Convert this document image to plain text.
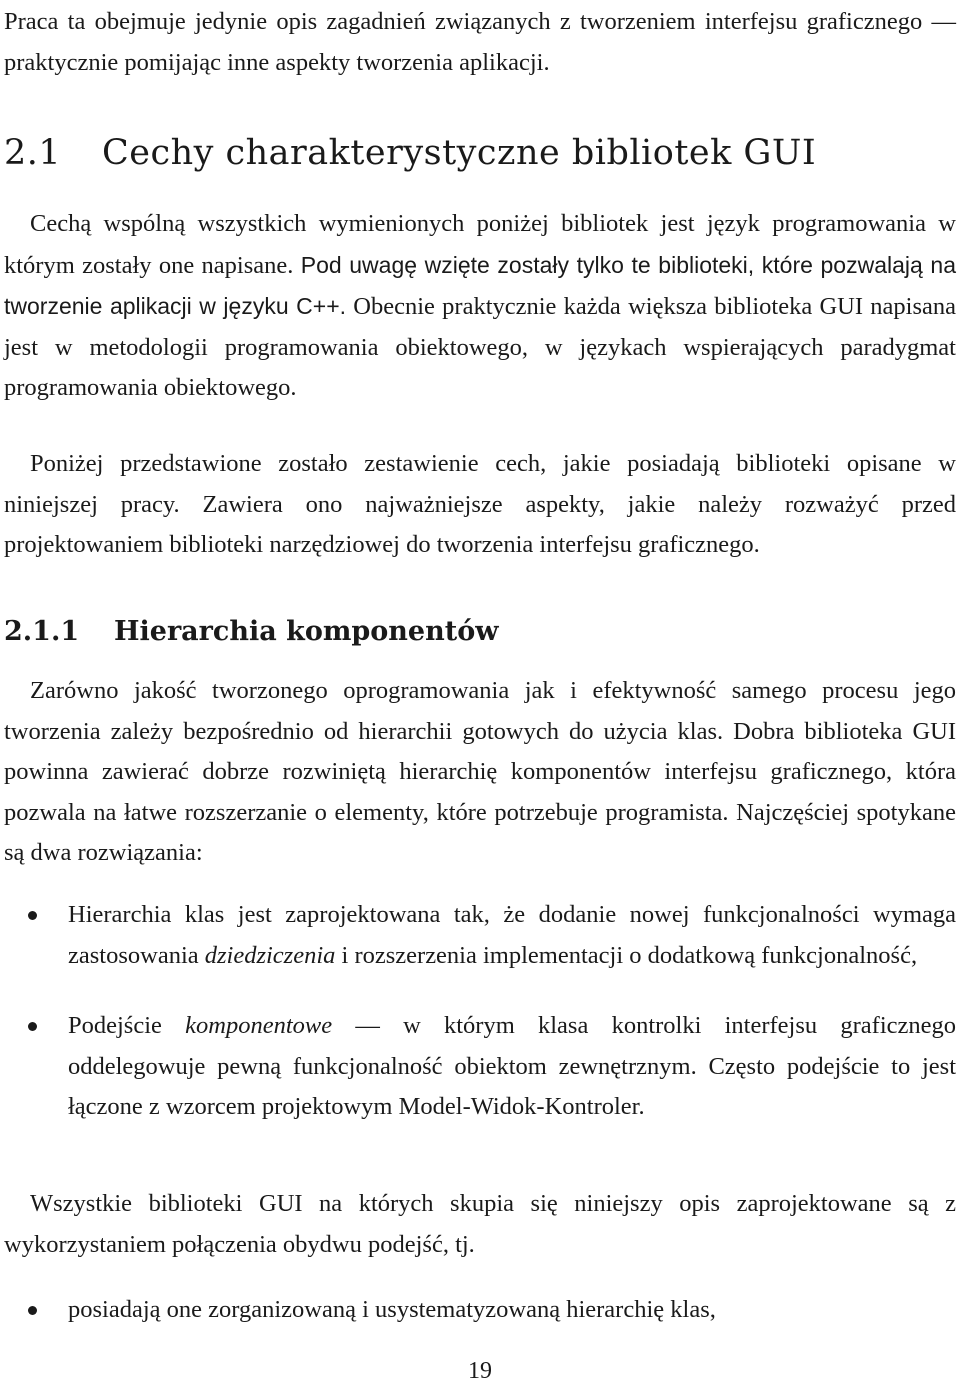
Praca ta obejmuje jedynie opis zagadnień związanych z tworzeniem interfejsu graficznego — praktycznie pomijając inne aspekty tworzenia aplikacji.

2.1 Cechy charakterystyczne bibliotek GUI

Cechą wspólną wszystkich wymienionych poniżej bibliotek jest język programowania w którym zostały one napisane. Pod uwagę wzięte zostały tylko te biblioteki, które pozwalają na tworzenie aplikacji w języku C++. Obecnie praktycznie każda większa biblioteka GUI napisana jest w metodologii programowania obiektowego, w językach wspierających paradygmat programowania obiektowego.

Poniżej przedstawione zostało zestawienie cech, jakie posiadają biblioteki opisane w niniejszej pracy. Zawiera ono najważniejsze aspekty, jakie należy rozważyć przed projektowaniem biblioteki narzędziowej do tworzenia interfejsu graficznego.

2.1.1 Hierarchia komponentów

Zarówno jakość tworzonego oprogramowania jak i efektywność samego procesu jego tworzenia zależy bezpośrednio od hierarchii gotowych do użycia klas. Dobra biblioteka GUI powinna zawierać dobrze rozwiniętą hierarchię komponentów interfejsu graficznego, która pozwala na łatwe rozszerzanie o elementy, które potrzebuje programista. Najczęściej spotykane są dwa rozwiązania:

Hierarchia klas jest zaprojektowana tak, że dodanie nowej funkcjonalności wymaga zastosowania dziedziczenia i rozszerzenia implementacji o dodatkową funkcjonalność,
Podejście komponentowe — w którym klasa kontrolki interfejsu graficznego oddelegowuje pewną funkcjonalność obiektom zewnętrznym. Często podejście to jest łączone z wzorcem projektowym Model-Widok-Kontroler.

Wszystkie biblioteki GUI na których skupia się niniejszy opis zaprojektowane są z wykorzystaniem połączenia obydwu podejść, tj.

posiadają one zorganizowaną i usystematyzowaną hierarchię klas,
19
